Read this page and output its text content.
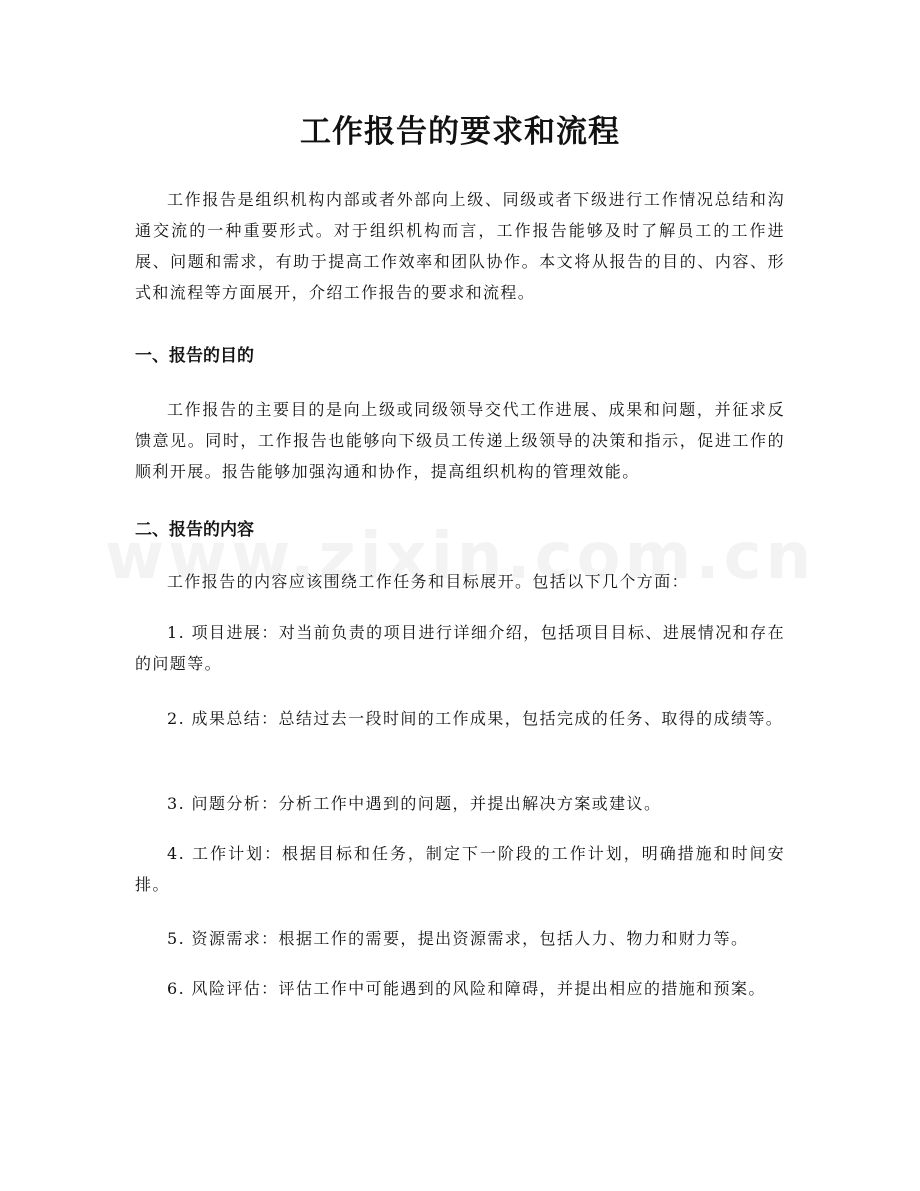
工作报告的要求和流程

工作报告是组织机构内部或者外部向上级、同级或者下级进行工作情况总结和沟通交流的一种重要形式。对于组织机构而言，工作报告能够及时了解员工的工作进展、问题和需求，有助于提高工作效率和团队协作。本文将从报告的目的、内容、形式和流程等方面展开，介绍工作报告的要求和流程。

一、报告的目的

工作报告的主要目的是向上级或同级领导交代工作进展、成果和问题，并征求反馈意见。同时，工作报告也能够向下级员工传递上级领导的决策和指示，促进工作的顺利开展。报告能够加强沟通和协作，提高组织机构的管理效能。

二、报告的内容

工作报告的内容应该围绕工作任务和目标展开。包括以下几个方面：

1. 项目进展：对当前负责的项目进行详细介绍，包括项目目标、进展情况和存在的问题等。

2. 成果总结：总结过去一段时间的工作成果，包括完成的任务、取得的成绩等。

3. 问题分析：分析工作中遇到的问题，并提出解决方案或建议。

4. 工作计划：根据目标和任务，制定下一阶段的工作计划，明确措施和时间安排。

5. 资源需求：根据工作的需要，提出资源需求，包括人力、物力和财力等。

6. 风险评估：评估工作中可能遇到的风险和障碍，并提出相应的措施和预案。
